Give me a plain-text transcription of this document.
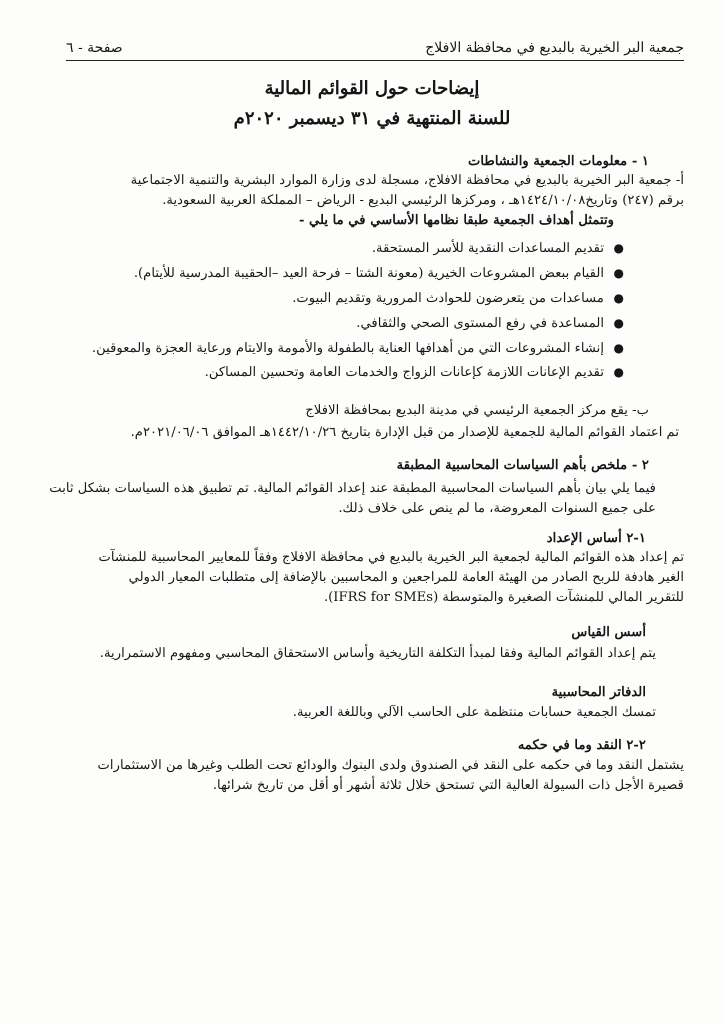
جمعية البر الخيرية بالبديع في محافظة الافلاج
صفحة - ٦
إيضاحات حول القوائم المالية
للسنة المنتهية في ٣١ ديسمبر ٢٠٢٠م
١ - معلومات الجمعية والنشاطات
أ- جمعية البر الخيرية بالبديع في محافظة الافلاج، مسجلة لدى وزارة الموارد البشرية والتنمية الاجتماعية
برقم (٢٤٧) وتاريخ١٤٢٤/١٠/٠٨هـ ، ومركزها الرئيسي البديع - الرياض – المملكة العربية السعودية.
وتتمثل أهداف الجمعية طبقا نظامها الأساسي في ما يلي -
●
تقديم المساعدات النقدية للأسر المستحقة.
●
القيام ببعض المشروعات الخيرية (معونة الشتا – فرحة العيد –الحقيبة المدرسية للأيتام).
●
مساعدات من يتعرضون للحوادث المرورية وتقديم البيوت.
●
المساعدة في رفع المستوى الصحي والثقافي.
●
إنشاء المشروعات التي من أهدافها العناية بالطفولة والأمومة والايتام ورعاية العجزة والمعوقين.
●
تقديم الإعانات اللازمة كإعانات الزواج والخدمات العامة وتحسين المساكن.
ب- يقع مركز الجمعية الرئيسي في مدينة البديع بمحافظة الافلاج
تم اعتماد القوائم المالية للجمعية للإصدار من قبل الإدارة بتاريخ ١٤٤٢/١٠/٢٦هـ الموافق ٢٠٢١/٠٦/٠٦م.
٢ - ملخص بأهم السياسات المحاسبية المطبقة
فيما يلي بيان بأهم السياسات المحاسبية المطبقة عند إعداد القوائم المالية. تم تطبيق هذه السياسات بشكل ثابت
على جميع السنوات المعروضة، ما لم ينص على خلاف ذلك.
١-٢ أساس الإعداد
تم إعداد هذه القوائم المالية لجمعية البر الخيرية بالبديع في محافظة الافلاج وفقاً للمعايير المحاسبية للمنشآت
الغير هادفة للربح الصادر من الهيئة العامة للمراجعين و المحاسبين بالإضافة إلى متطلبات المعيار الدولي
للتقرير المالي للمنشآت الصغيرة والمتوسطة (IFRS for SMEs).
أسس القياس
يتم إعداد القوائم المالية وفقا لمبدأ التكلفة التاريخية وأساس الاستحقاق المحاسبي ومفهوم الاستمرارية.
الدفاتر المحاسبية
تمسك الجمعية حسابات منتظمة على الحاسب الآلي وباللغة العربية.
٢-٢ النقد وما في حكمه
يشتمل النقد وما في حكمه على النقد في الصندوق ولدى البنوك والودائع تحت الطلب وغيرها من الاستثمارات
قصيرة الأجل ذات السيولة العالية التي تستحق خلال ثلاثة أشهر أو أقل من تاريخ شرائها.
